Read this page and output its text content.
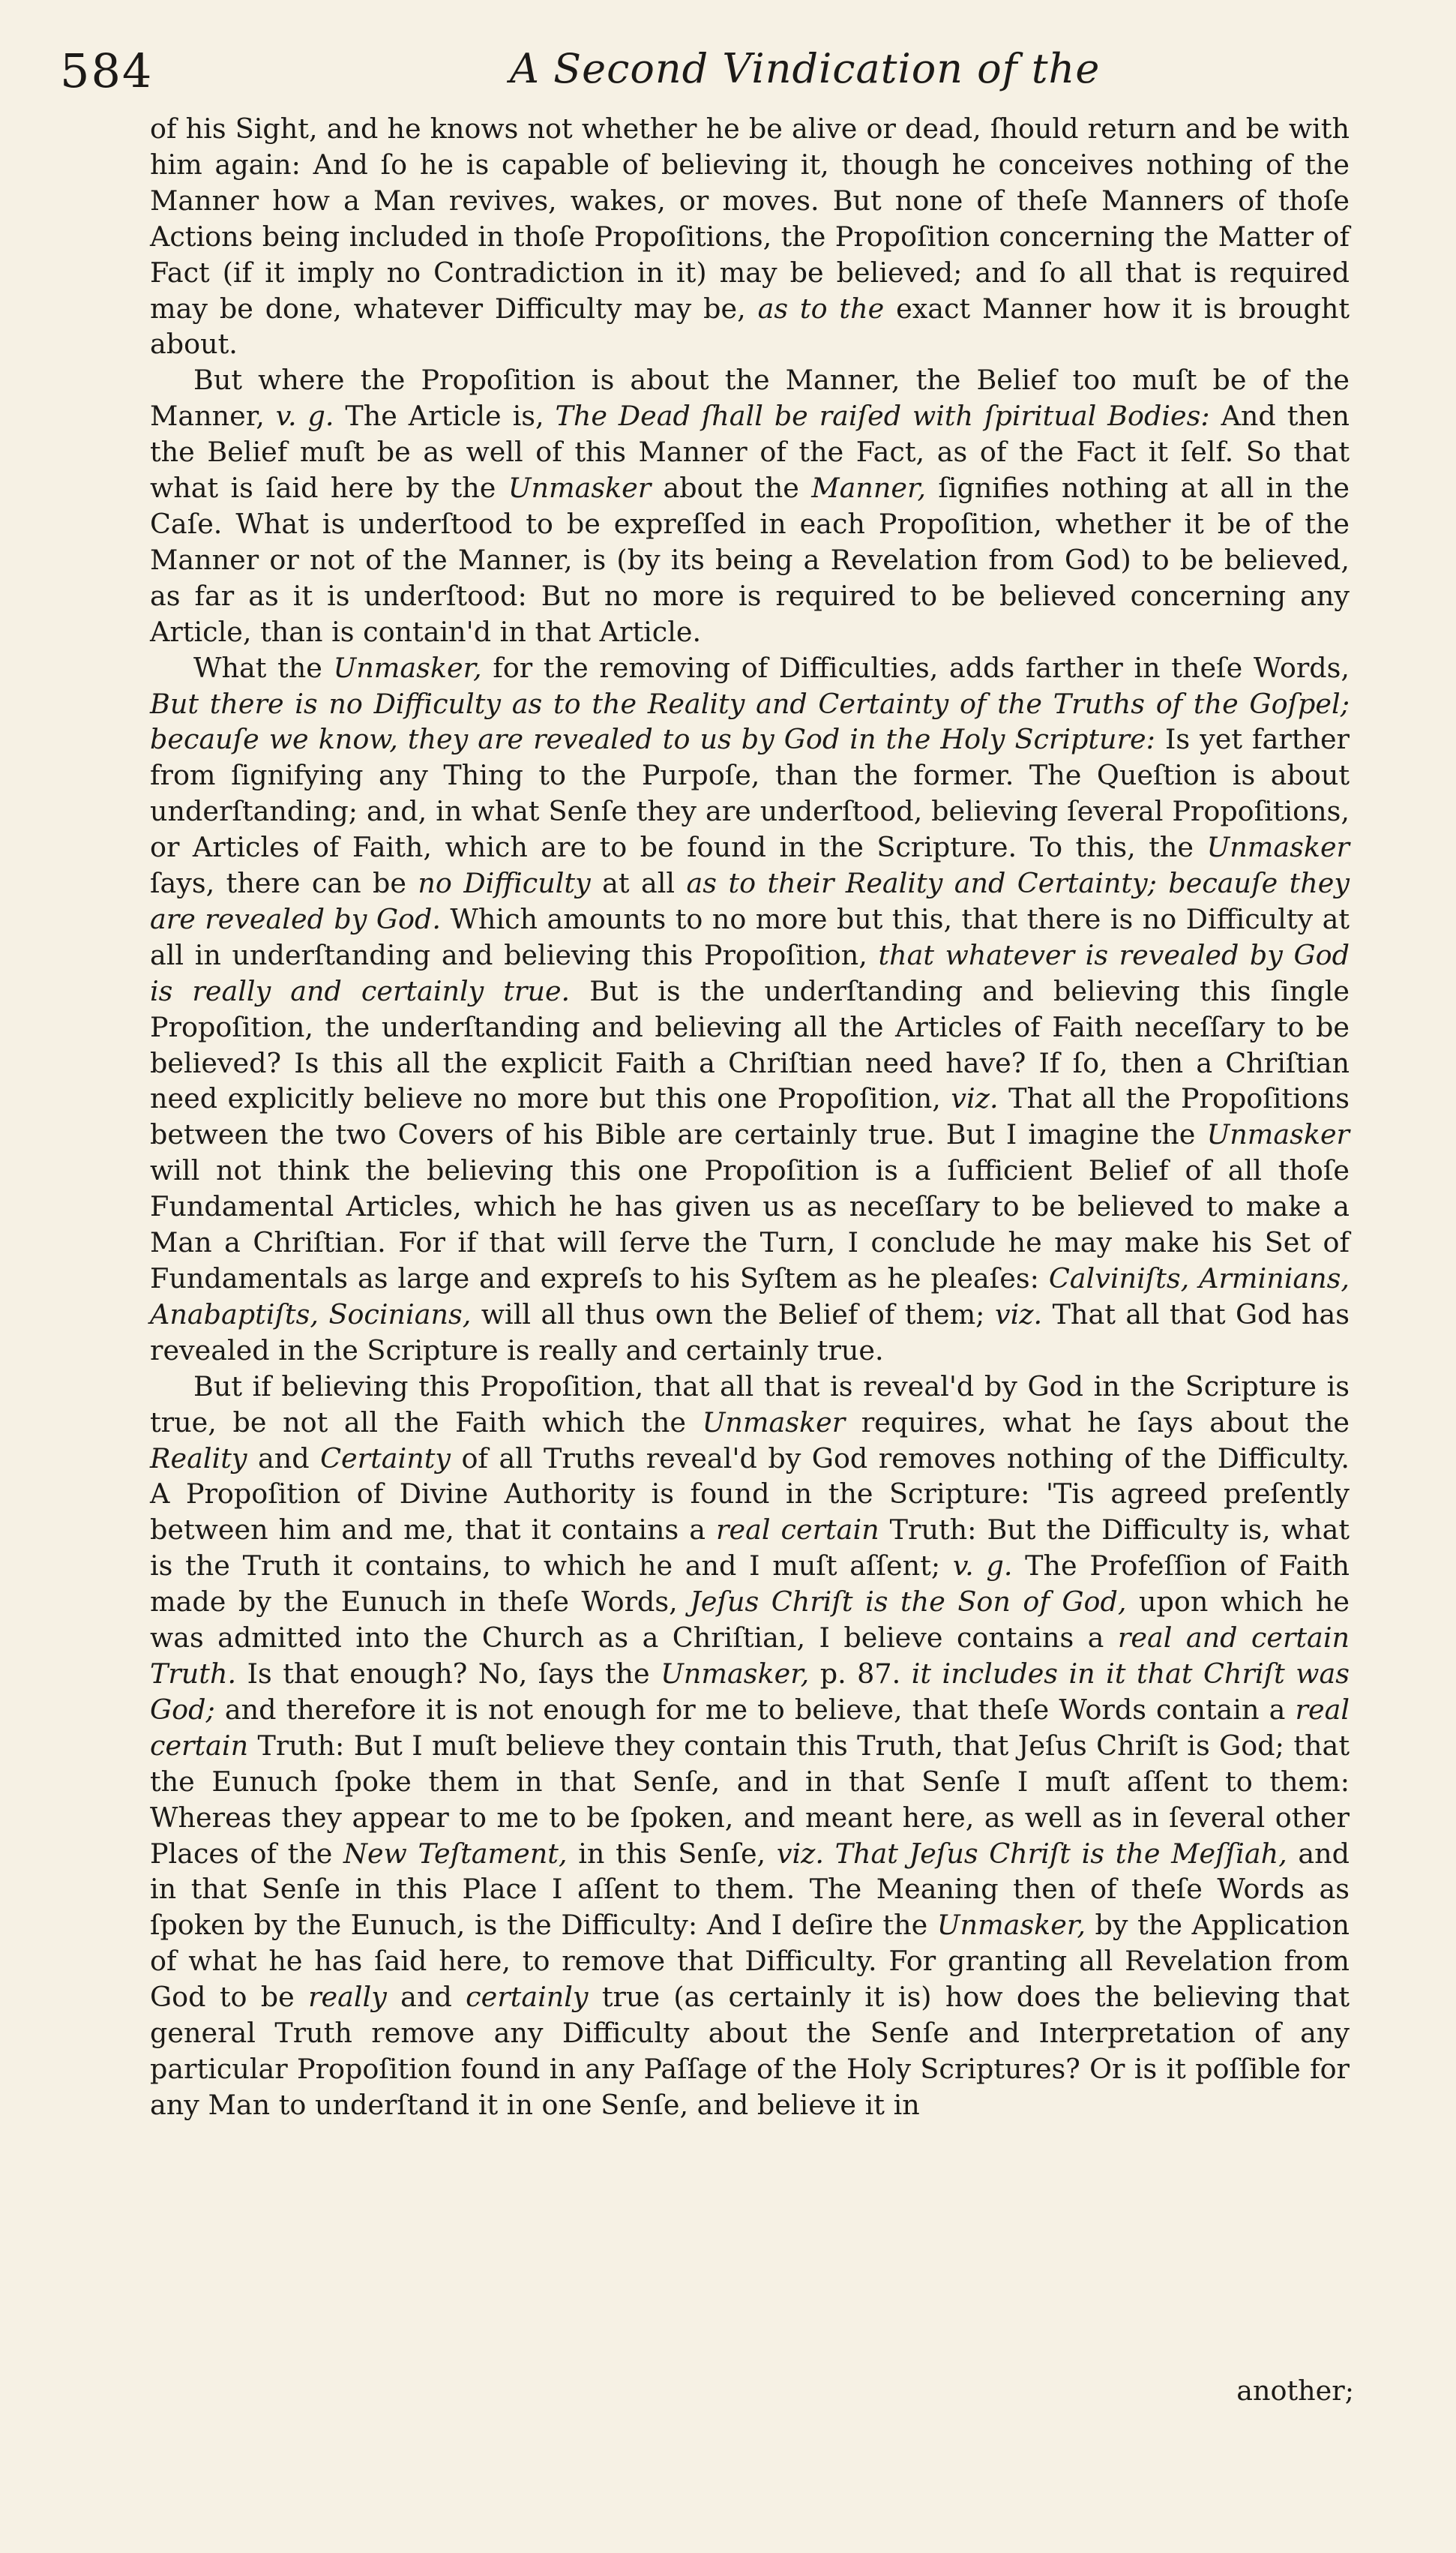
584	A Second Vindication of the

of his Sight, and he knows not whether he be alive or dead, ſhould return and be with him again: And ſo he is capable of believing it, though he conceives nothing of the Manner how a Man revives, wakes, or moves. But none of theſe Manners of thoſe Actions being included in thoſe Propoſitions, the Propoſition concerning the Matter of Fact (if it imply no Contradiction in it) may be believed; and ſo all that is required may be done, whatever Difficulty may be, as to the exact Manner how it is brought about.

But where the Propoſition is about the Manner, the Belief too muſt be of the Manner, v. g. The Article is, The Dead ſhall be raiſed with ſpiritual Bodies: And then the Belief muſt be as well of this Manner of the Fact, as of the Fact it ſelf. So that what is ſaid here by the Unmasker about the Manner, ſignifies nothing at all in the Caſe. What is underſtood to be expreſſed in each Propoſition, whether it be of the Manner or not of the Manner, is (by its being a Revelation from God) to be believed, as far as it is underſtood: But no more is required to be believed concerning any Article, than is contain'd in that Article.

What the Unmasker, for the removing of Difficulties, adds farther in theſe Words, But there is no Difficulty as to the Reality and Certainty of the Truths of the Goſpel; becauſe we know, they are revealed to us by God in the Holy Scripture: Is yet farther from ſignifying any Thing to the Purpoſe, than the former. The Queſtion is about underſtanding; and, in what Senſe they are underſtood, believing ſeveral Propoſitions, or Articles of Faith, which are to be found in the Scripture. To this, the Unmasker ſays, there can be no Difficulty at all as to their Reality and Certainty; becauſe they are revealed by God. Which amounts to no more but this, that there is no Difficulty at all in underſtanding and believing this Propoſition, that whatever is revealed by God is really and certainly true. But is the underſtanding and believing this ſingle Propoſition, the underſtanding and believing all the Articles of Faith neceſſary to be believed? Is this all the explicit Faith a Chriſtian need have? If ſo, then a Chriſtian need explicitly believe no more but this one Propoſition, viz. That all the Propoſitions between the two Covers of his Bible are certainly true. But I imagine the Unmasker will not think the believing this one Propoſition is a ſufficient Belief of all thoſe Fundamental Articles, which he has given us as neceſſary to be believed to make a Man a Chriſtian. For if that will ſerve the Turn, I conclude he may make his Set of Fundamentals as large and expreſs to his Syſtem as he pleaſes: Calviniſts, Arminians, Anabaptiſts, Socinians, will all thus own the Belief of them; viz. That all that God has revealed in the Scripture is really and certainly true.

But if believing this Propoſition, that all that is reveal'd by God in the Scripture is true, be not all the Faith which the Unmasker requires, what he ſays about the Reality and Certainty of all Truths reveal'd by God removes nothing of the Difficulty. A Propoſition of Divine Authority is found in the Scripture: 'Tis agreed preſently between him and me, that it contains a real certain Truth: But the Difficulty is, what is the Truth it contains, to which he and I muſt aſſent; v. g. The Profeſſion of Faith made by the Eunuch in theſe Words, Jeſus Chriſt is the Son of God, upon which he was admitted into the Church as a Chriſtian, I believe contains a real and certain Truth. Is that enough? No, ſays the Unmasker, p. 87. it includes in it that Chriſt was God; and therefore it is not enough for me to believe, that theſe Words contain a real certain Truth: But I muſt believe they contain this Truth, that Jeſus Chriſt is God; that the Eunuch ſpoke them in that Senſe, and in that Senſe I muſt aſſent to them: Whereas they appear to me to be ſpoken, and meant here, as well as in ſeveral other Places of the New Teſtament, in this Senſe, viz. That Jeſus Chriſt is the Meſſiah, and in that Senſe in this Place I aſſent to them. The Meaning then of theſe Words as ſpoken by the Eunuch, is the Difficulty: And I deſire the Unmasker, by the Application of what he has ſaid here, to remove that Difficulty. For granting all Revelation from God to be really and certainly true (as certainly it is) how does the believing that general Truth remove any Difficulty about the Senſe and Interpretation of any particular Propoſition found in any Paſſage of the Holy Scriptures? Or is it poſſible for any Man to underſtand it in one Senſe, and believe it in

another;
